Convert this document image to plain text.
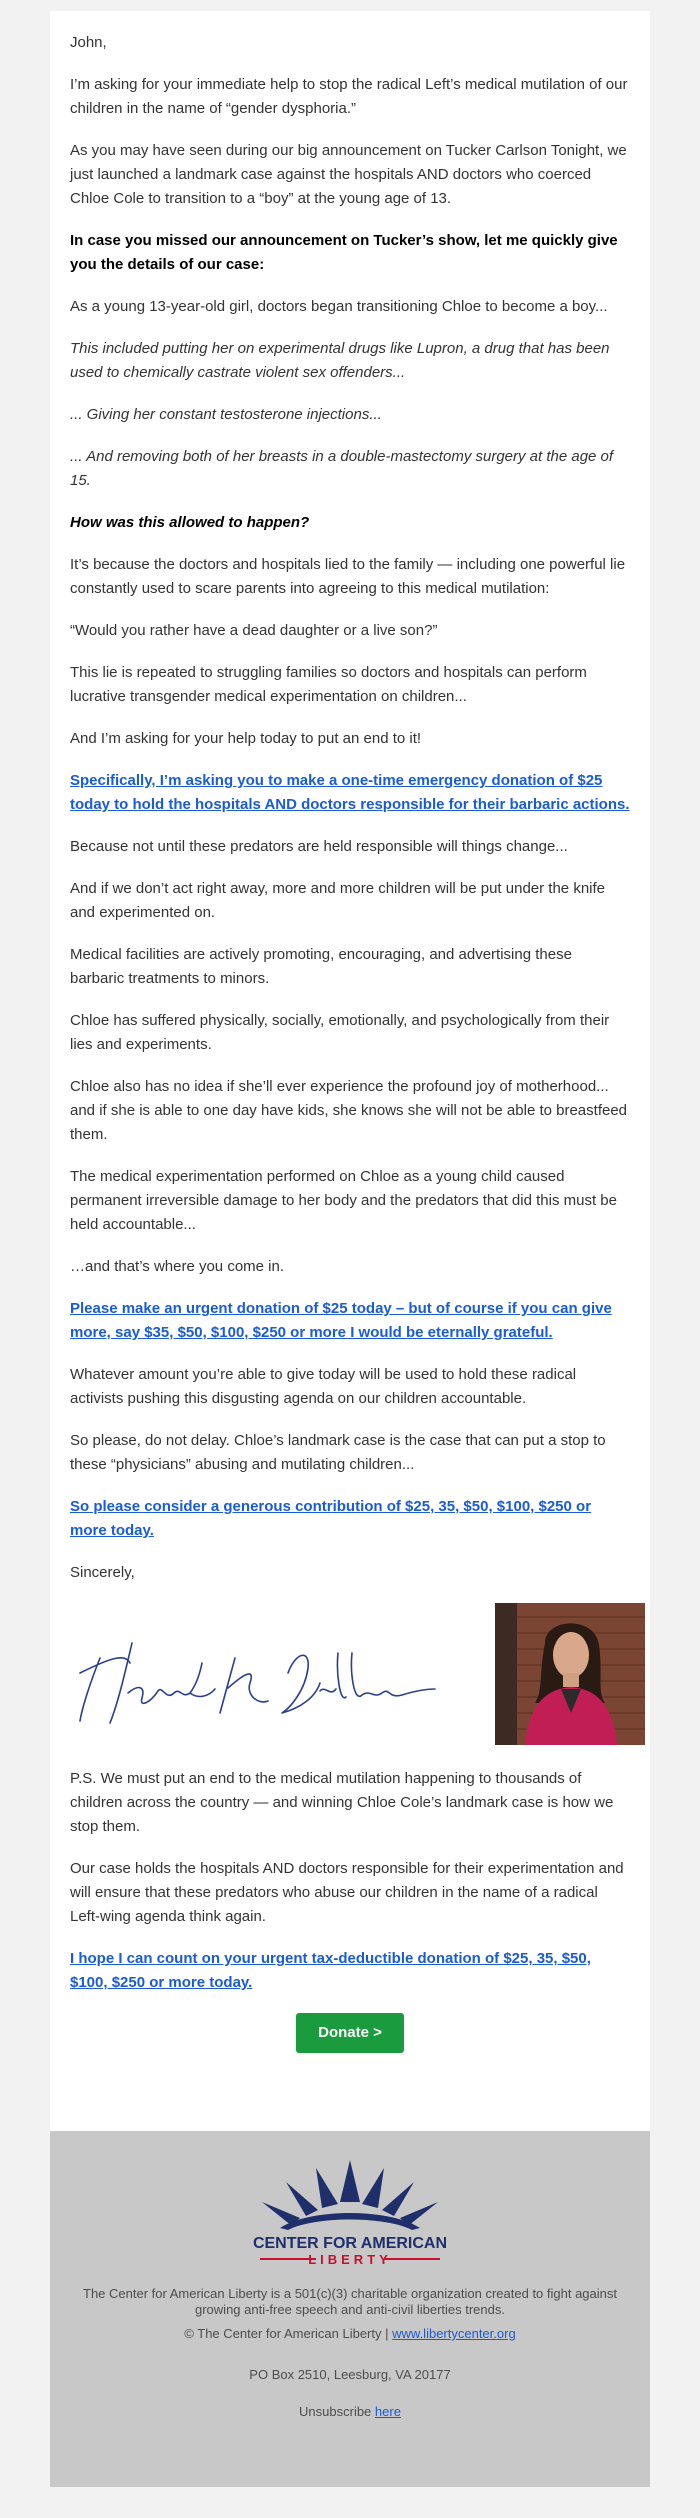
John,

I’m asking for your immediate help to stop the radical Left’s medical mutilation of our children in the name of “gender dysphoria.”

As you may have seen during our big announcement on Tucker Carlson Tonight, we just launched a landmark case against the hospitals AND doctors who coerced Chloe Cole to transition to a “boy” at the young age of 13.

In case you missed our announcement on Tucker’s show, let me quickly give you the details of our case:

As a young 13-year-old girl, doctors began transitioning Chloe to become a boy...

This included putting her on experimental drugs like Lupron, a drug that has been used to chemically castrate violent sex offenders...

... Giving her constant testosterone injections...

... And removing both of her breasts in a double-mastectomy surgery at the age of 15.

How was this allowed to happen?

It’s because the doctors and hospitals lied to the family — including one powerful lie constantly used to scare parents into agreeing to this medical mutilation:

“Would you rather have a dead daughter or a live son?”

This lie is repeated to struggling families so doctors and hospitals can perform lucrative transgender medical experimentation on children...

And I’m asking for your help today to put an end to it!

Specifically, I’m asking you to make a one-time emergency donation of $25 today to hold the hospitals AND doctors responsible for their barbaric actions.

Because not until these predators are held responsible will things change...

And if we don’t act right away, more and more children will be put under the knife and experimented on.

Medical facilities are actively promoting, encouraging, and advertising these barbaric treatments to minors.

Chloe has suffered physically, socially, emotionally, and psychologically from their lies and experiments.

Chloe also has no idea if she’ll ever experience the profound joy of motherhood... and if she is able to one day have kids, she knows she will not be able to breastfeed them.

The medical experimentation performed on Chloe as a young child caused permanent irreversible damage to her body and the predators that did this must be held accountable...

…and that’s where you come in.

Please make an urgent donation of $25 today – but of course if you can give more, say $35, $50, $100, $250 or more I would be eternally grateful.

Whatever amount you’re able to give today will be used to hold these radical activists pushing this disgusting agenda on our children accountable.

So please, do not delay. Chloe’s landmark case is the case that can put a stop to these “physicians” abusing and mutilating children...

So please consider a generous contribution of $25, 35, $50, $100, $250 or more today.

Sincerely,

P.S. We must put an end to the medical mutilation happening to thousands of children across the country — and winning Chloe Cole’s landmark case is how we stop them.

Our case holds the hospitals AND doctors responsible for their experimentation and will ensure that these predators who abuse our children in the name of a radical Left-wing agenda think again.

I hope I can count on your urgent tax-deductible donation of $25, 35, $50, $100, $250 or more today.

Donate >
CENTER FOR AMERICAN
LIBERTY
The Center for American Liberty is a 501(c)(3) charitable organization created to fight against growing anti-free speech and anti-civil liberties trends.
© The Center for American Liberty | www.libertycenter.org
PO Box 2510, Leesburg, VA 20177
Unsubscribe here
